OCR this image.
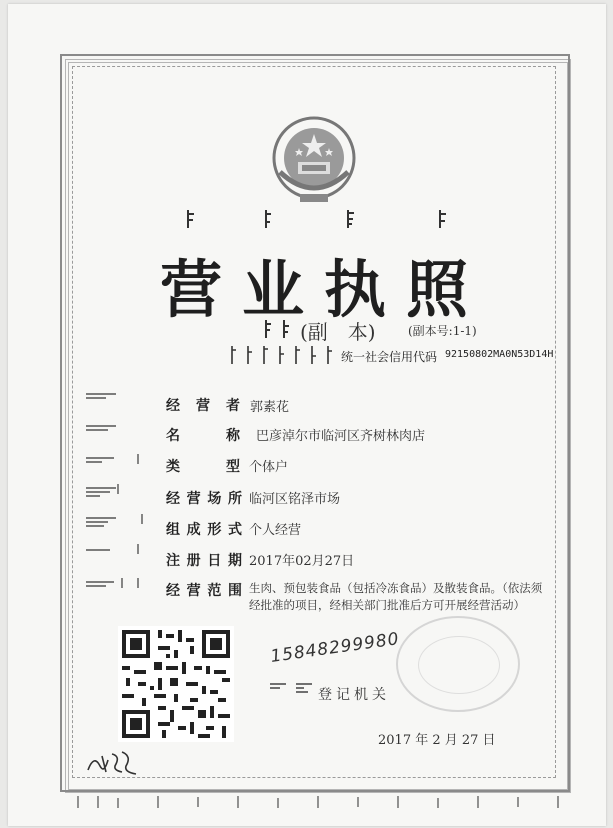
营 业 执 照
(副　本)	(副本号:1-1)
统一社会信用代码 92150802MA0N53D14H
经 营 者 郭素花
名	称 巴彦淖尔市临河区齐树林肉店
类	型 个体户
经 营 场 所 临河区铭泽市场
组 成 形 式 个人经营
注 册 日 期 2017年02月27日
经 营 范 围 生肉、预包装食品（包括冷冻食品）及散装食品。（依法须
经批准的项目，经相关部门批准后方可开展经营活动）
15848299980
登记机关
2017 年 2 月 27 日
